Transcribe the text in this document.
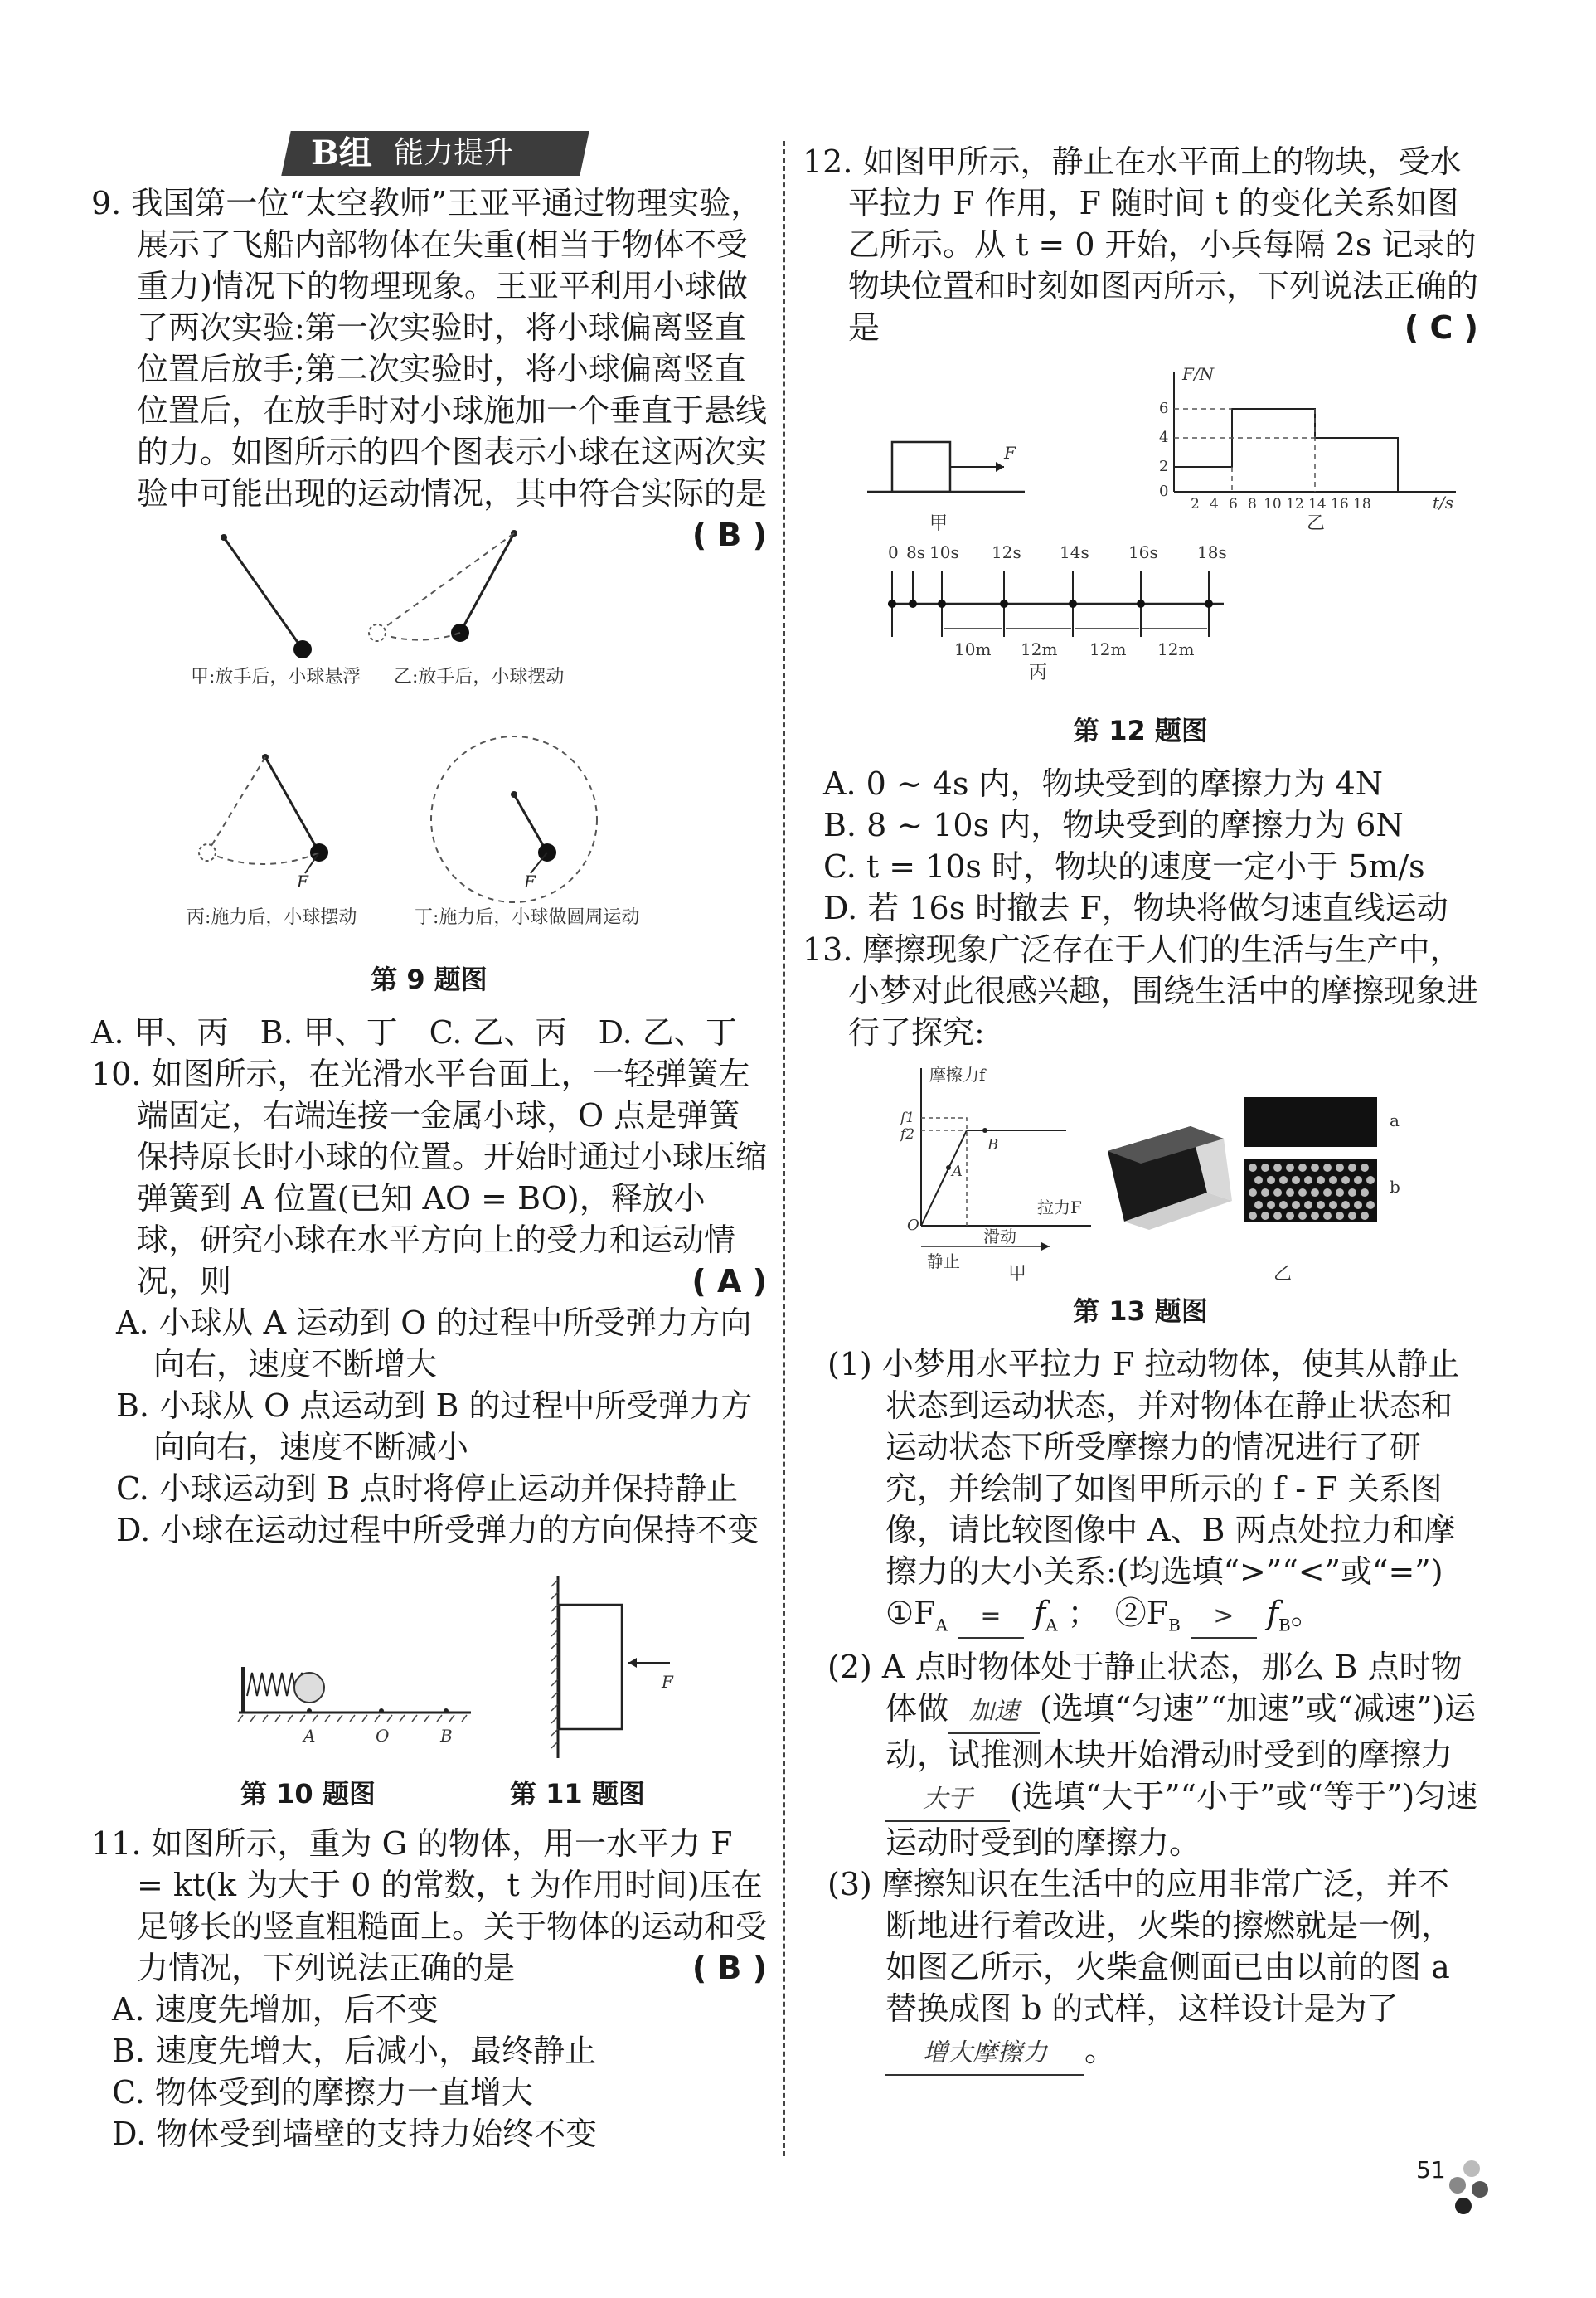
B组 能力提升

9. 我国第一位“太空教师”王亚平通过物理实验，展示了飞船内部物体在失重(相当于物体不受重力)情况下的物理现象。王亚平利用小球做了两次实验:第一次实验时，将小球偏离竖直位置后放手;第二次实验时，将小球偏离竖直位置后，在放手时对小球施加一个垂直于悬线的力。如图所示的四个图表示小球在这两次实验中可能出现的运动情况，其中符合实际的是
( B )

甲:放手后，小球悬浮 乙:放手后，小球摆动
F
丙:施力后，小球摆动
F
丁:施力后，小球做圆周运动
第 9 题图

A. 甲、丙　B. 甲、丁　C. 乙、丙　D. 乙、丁

10. 如图所示，在光滑水平台面上，一轻弹簧左端固定，右端连接一金属小球，O 点是弹簧保持原长时小球的位置。开始时通过小球压缩弹簧到 A 位置(已知 AO = BO)，释放小球，研究小球在水平方向上的受力和运动情况，则	( A )

A. 小球从 A 运动到 O 的过程中所受弹力方向向右，速度不断增大

B. 小球从 O 点运动到 B 的过程中所受弹力方向向右，速度不断减小

C. 小球运动到 B 点时将停止运动并保持静止

D. 小球在运动过程中所受弹力的方向保持不变

A	O	B
F
第 10 题图	第 11 题图

11. 如图所示，重为 G 的物体，用一水平力 F = kt(k 为大于 0 的常数，t 为作用时间)压在足够长的竖直粗糙面上。关于物体的运动和受力情况，下列说法正确的是	( B )

A. 速度先增加，后不变

B. 速度先增大，后减小，最终静止

C. 物体受到的摩擦力一直增大

D. 物体受到墙壁的支持力始终不变

12. 如图甲所示，静止在水平面上的物块，受水平拉力 F 作用，F 随时间 t 的变化关系如图乙所示。从 t = 0 开始，小兵每隔 2s 记录的物块位置和时刻如图丙所示，下列说法正确的是	( C )

F
甲
F/N
t/s
0
2
4
6
2 4 6 8 10 12 14 16 18
乙
0 8s 10s 12s 14s 16s 18s
10m 12m 12m 12m
丙
第 12 题图

A. 0 ~ 4s 内，物块受到的摩擦力为 4N

B. 8 ~ 10s 内，物块受到的摩擦力为 6N

C. t = 10s 时，物块的速度一定小于 5m/s

D. 若 16s 时撤去 F，物块将做匀速直线运动

13. 摩擦现象广泛存在于人们的生活与生产中，小梦对此很感兴趣，围绕生活中的摩擦现象进行了探究:

摩擦力f
拉力F
f1
f2
A
B
O
静止
滑动
甲
a
b
乙
第 13 题图

(1) 小梦用水平拉力 F 拉动物体，使其从静止状态到运动状态，并对物体在静止状态和运动状态下所受摩擦力的情况进行了研究，并绘制了如图甲所示的 f - F 关系图像，请比较图像中 A、B 两点处拉力和摩擦力的大小关系:(均选填“>”“<”或“=”)

$①F_A = f_A$ ；　$②F_B > f_B$。

(2) A 点时物体处于静止状态，那么 B 点时物体做 加速 (选填“匀速”“加速”或“减速”)运动，试推测木块开始滑动时受到的摩擦力大于 (选填“大于”“小于”或“等于”)匀速运动时受到的摩擦力。

(3) 摩擦知识在生活中的应用非常广泛，并不断地进行着改进，火柴的擦燃就是一例，如图乙所示，火柴盒侧面已由以前的图 a 替换成图 b 的式样，这样设计是为了增大摩擦力 。

51
